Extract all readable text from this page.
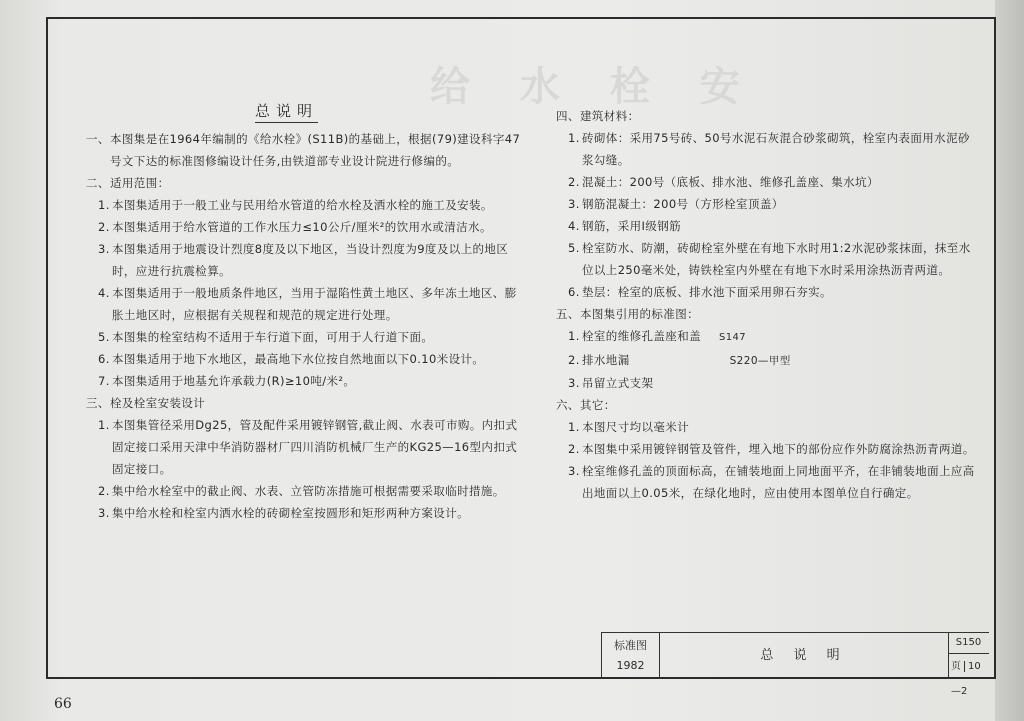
给 水 栓 安
总说明
一、 本图集是在1964年编制的《给水栓》(S11B)的基础上，根据(79)建设科字47号文下达的标准图修编设计任务,由铁道部专业设计院进行修编的。
二、 适用范围：
1. 本图集适用于一般工业与民用给水管道的给水栓及洒水栓的施工及安装。
2. 本图集适用于给水管道的工作水压力≤10公斤/厘米²的饮用水或清洁水。
3. 本图集适用于地震设计烈度8度及以下地区，当设计烈度为9度及以上的地区时，应进行抗震检算。
4. 本图集适用于一般地质条件地区，当用于湿陷性黄土地区、多年冻土地区、膨胀土地区时，应根据有关规程和规范的规定进行处理。
5. 本图集的栓室结构不适用于车行道下面，可用于人行道下面。
6. 本图集适用于地下水地区，最高地下水位按自然地面以下0.10米设计。
7. 本图集适用于地基允许承载力(R)≥10吨/米²。
三、 栓及栓室安装设计
1. 本图集管径采用Dg25，管及配件采用镀锌钢管,截止阀、水表可市购。内扣式固定接口采用天津中华消防器材厂四川消防机械厂生产的KG25—16型内扣式固定接口。
2. 集中给水栓室中的截止阀、水表、立管防冻措施可根据需要采取临时措施。
3. 集中给水栓和栓室内洒水栓的砖砌栓室按圆形和矩形两种方案设计。
四、 建筑材料：
1. 砖砌体：采用75号砖、50号水泥石灰混合砂浆砌筑，栓室内表面用水泥砂浆勾缝。
2. 混凝土：200号（底板、排水池、维修孔盖座、集水坑）
3. 钢筋混凝土：200号（方形栓室顶盖）
4. 钢筋，采用Ⅰ级钢筋
5. 栓室防水、防潮，砖砌栓室外壁在有地下水时用1:2水泥砂浆抹面，抹至水位以上250毫米处，铸铁栓室内外壁在有地下水时采用涂热沥青两道。
6. 垫层：栓室的底板、排水池下面采用卵石夯实。
五、 本图集引用的标准图：
1. 栓室的维修孔盖座和盖 S147
2. 排水地漏	S220—甲型
3. 吊留立式支架
六、 其它：
1. 本图尺寸均以毫米计
2. 本图集中采用镀锌钢管及管件，埋入地下的部份应作外防腐涂热沥青两道。
3. 栓室维修孔盖的顶面标高，在铺装地面上同地面平齐，在非铺装地面上应高出地面以上0.05米，在绿化地时，应由使用本图单位自行确定。
标准图
1982
总 说 明
S150
页 10—2
66
